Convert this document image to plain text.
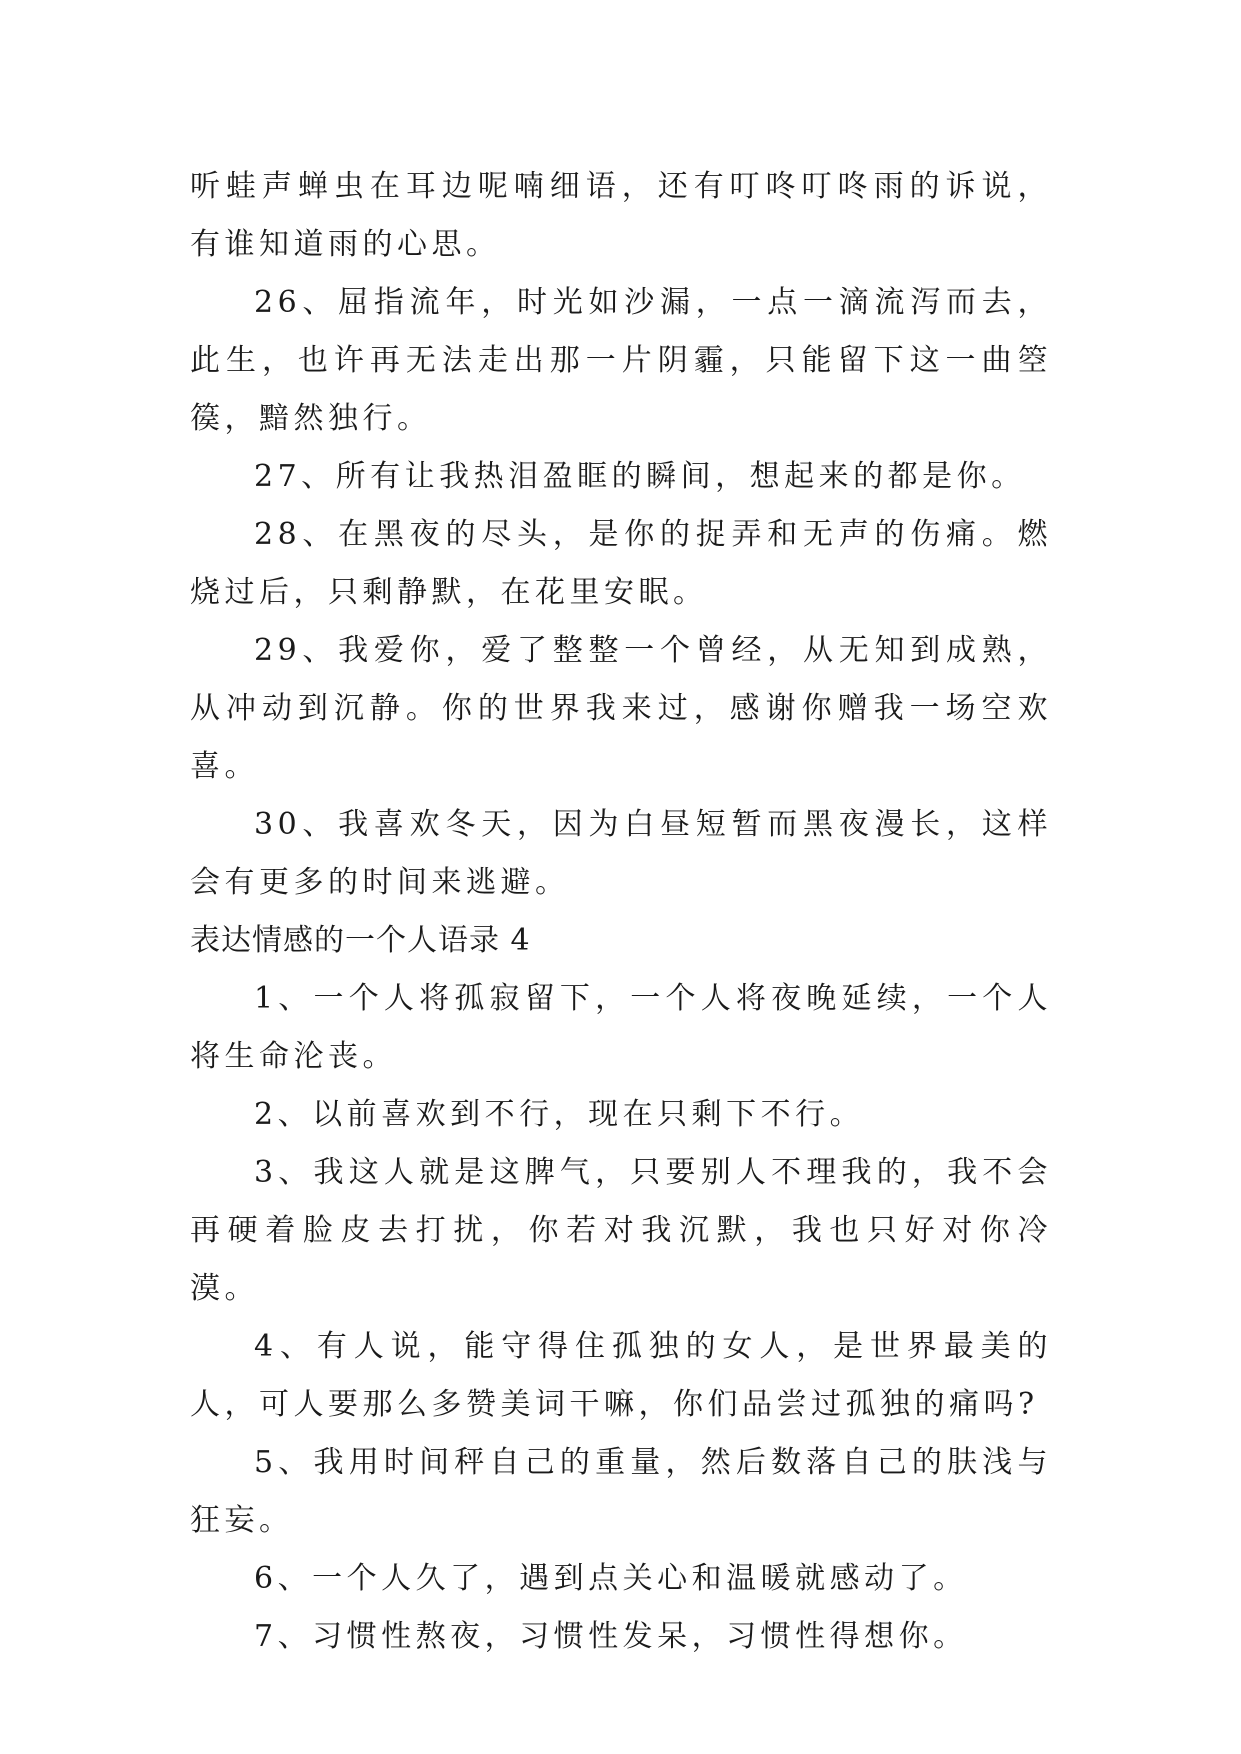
听蛙声蝉虫在耳边呢喃细语，还有叮咚叮咚雨的诉说，有谁知道雨的心思。

26、屈指流年，时光如沙漏，一点一滴流泻而去，此生，也许再无法走出那一片阴霾，只能留下这一曲箜篌，黯然独行。

27、所有让我热泪盈眶的瞬间，想起来的都是你。

28、在黑夜的尽头，是你的捉弄和无声的伤痛。燃烧过后，只剩静默，在花里安眠。

29、我爱你，爱了整整一个曾经，从无知到成熟，从冲动到沉静。你的世界我来过，感谢你赠我一场空欢喜。

30、我喜欢冬天，因为白昼短暂而黑夜漫长，这样会有更多的时间来逃避。

表达情感的一个人语录 4

1、一个人将孤寂留下，一个人将夜晚延续，一个人将生命沦丧。

2、以前喜欢到不行，现在只剩下不行。

3、我这人就是这脾气，只要别人不理我的，我不会再硬着脸皮去打扰，你若对我沉默，我也只好对你冷漠。

4、有人说，能守得住孤独的女人，是世界最美的人，可人要那么多赞美词干嘛，你们品尝过孤独的痛吗?

5、我用时间秤自己的重量，然后数落自己的肤浅与狂妄。

6、一个人久了，遇到点关心和温暖就感动了。

7、习惯性熬夜，习惯性发呆，习惯性得想你。
